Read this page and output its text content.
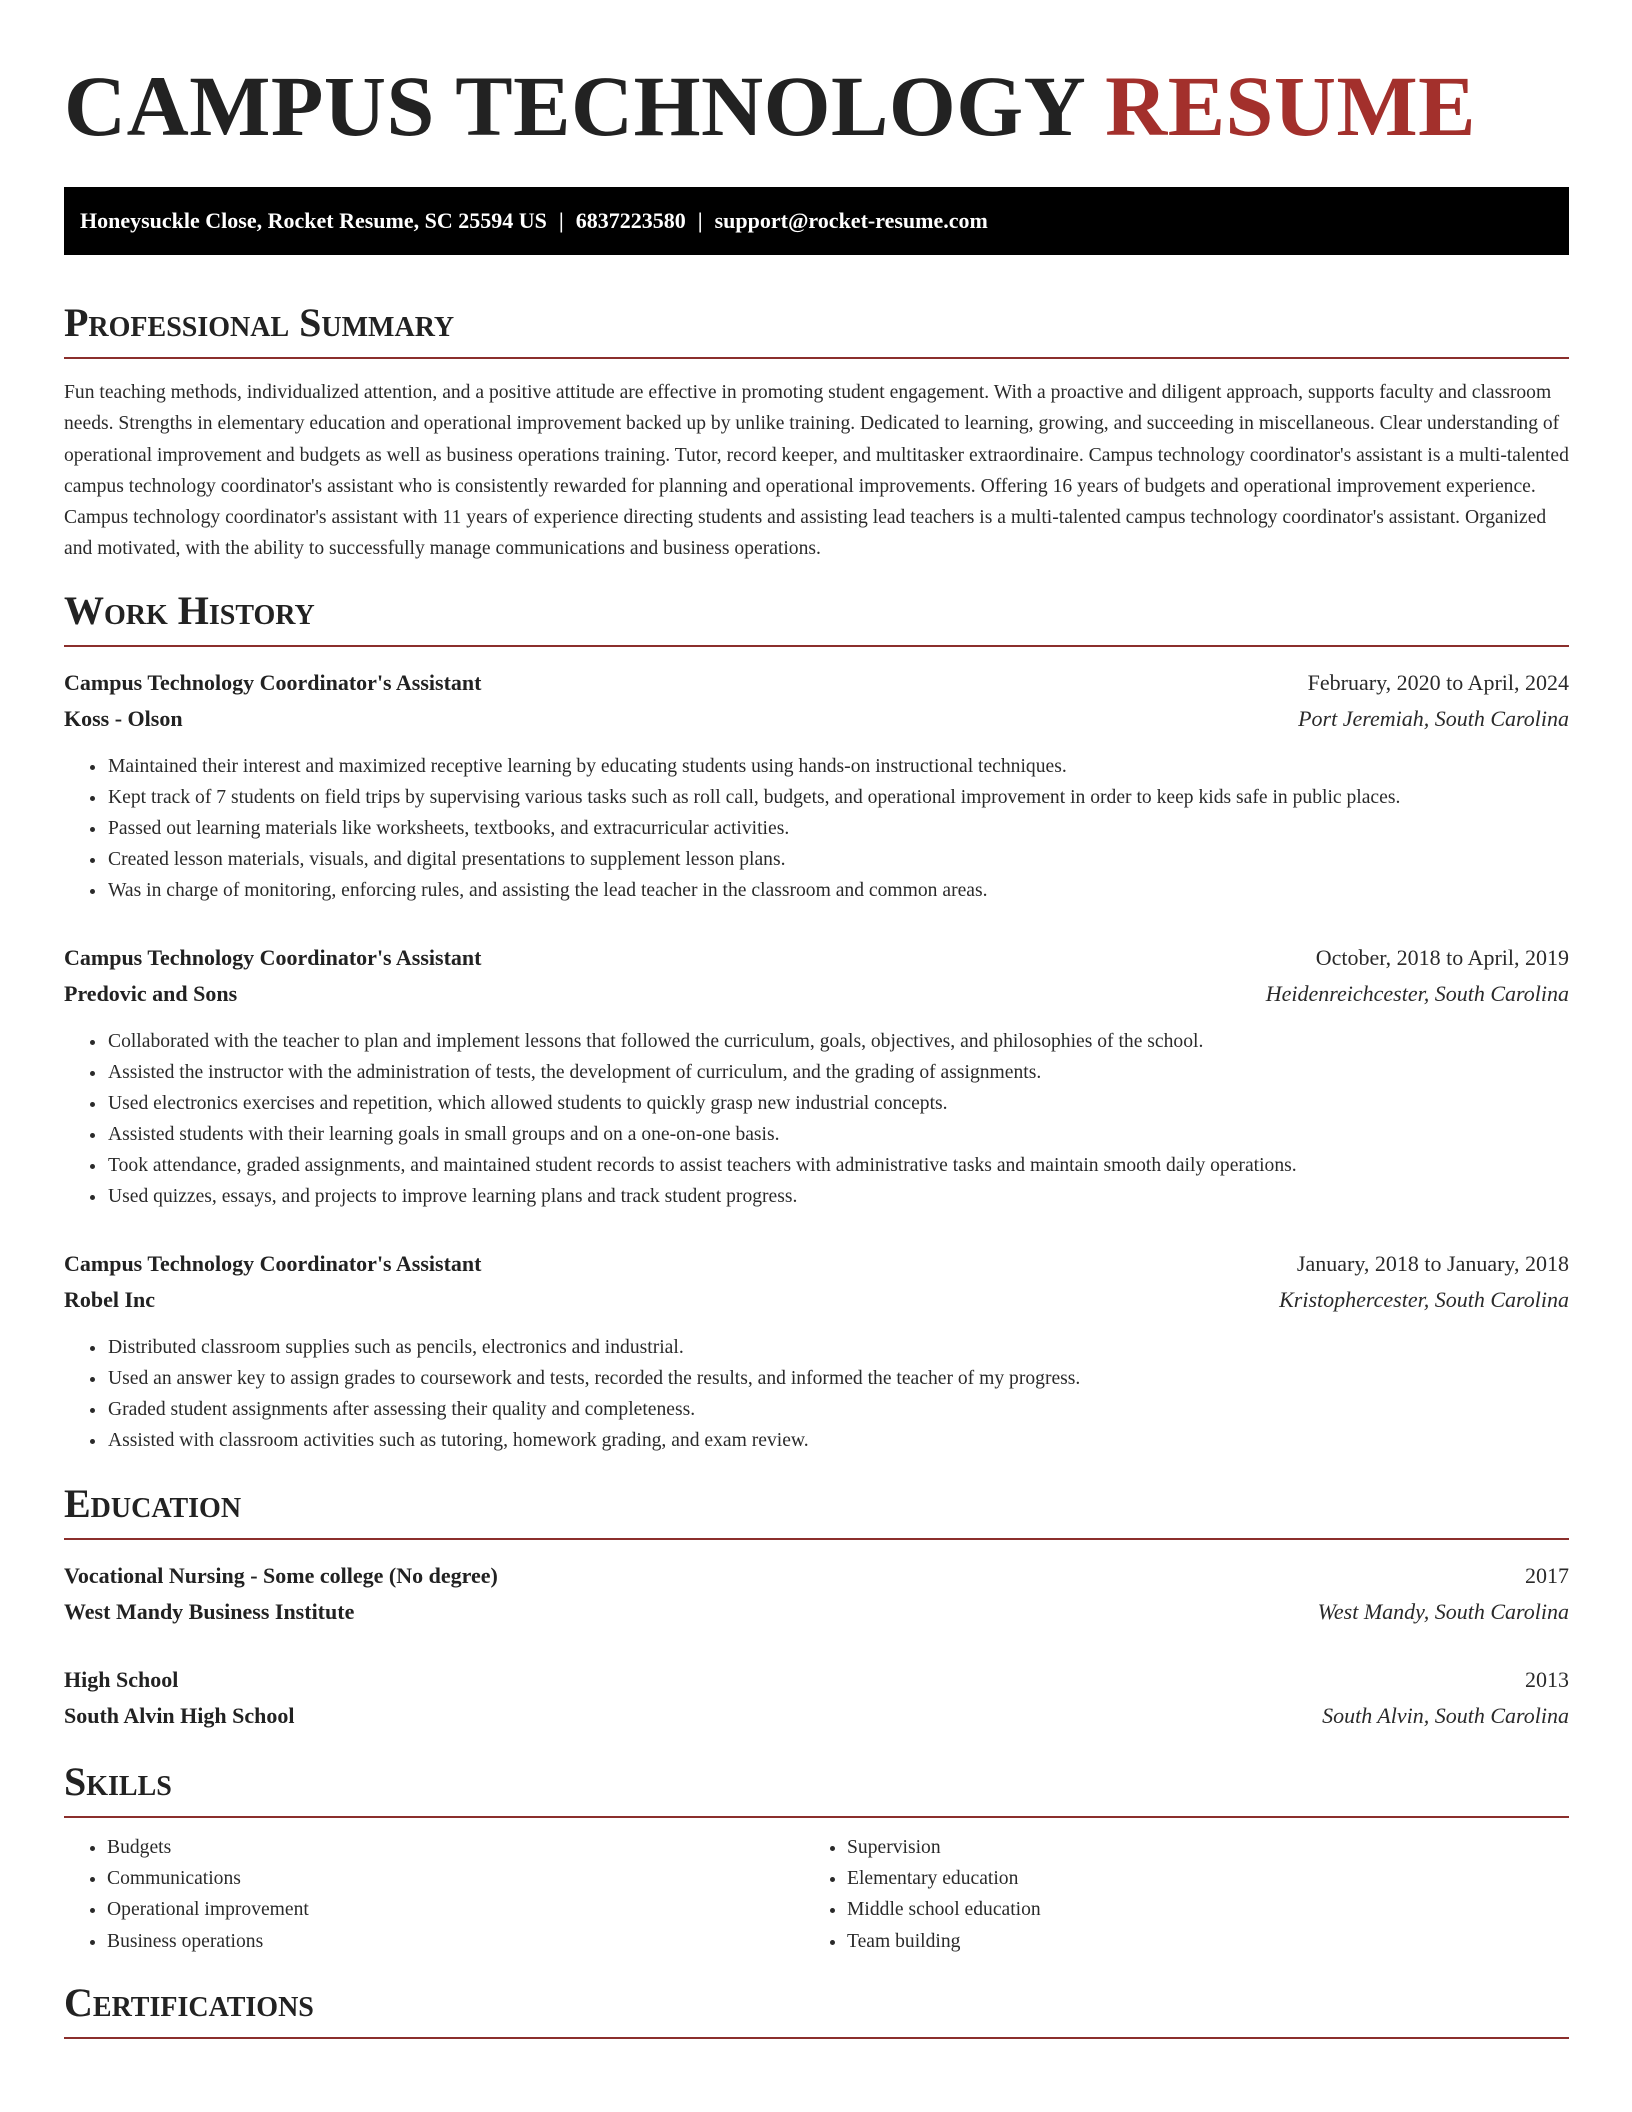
CAMPUS TECHNOLOGY RESUME
Honeysuckle Close, Rocket Resume, SC 25594 US | 6837223580 | support@rocket-resume.com
Professional Summary

Fun teaching methods, individualized attention, and a positive attitude are effective in promoting student engagement. With a proactive and diligent approach, supports faculty and classroom needs. Strengths in elementary education and operational improvement backed up by unlike training. Dedicated to learning, growing, and succeeding in miscellaneous. Clear understanding of operational improvement and budgets as well as business operations training. Tutor, record keeper, and multitasker extraordinaire. Campus technology coordinator's assistant is a multi-talented campus technology coordinator's assistant who is consistently rewarded for planning and operational improvements. Offering 16 years of budgets and operational improvement experience. Campus technology coordinator's assistant with 11 years of experience directing students and assisting lead teachers is a multi-talented campus technology coordinator's assistant. Organized and motivated, with the ability to successfully manage communications and business operations.

Work History
Campus Technology Coordinator's Assistant	February, 2020 to April, 2024
Koss - Olson	Port Jeremiah, South Carolina
• Maintained their interest and maximized receptive learning by educating students using hands-on instructional techniques.
• Kept track of 7 students on field trips by supervising various tasks such as roll call, budgets, and operational improvement in order to keep kids safe in public places.
• Passed out learning materials like worksheets, textbooks, and extracurricular activities.
• Created lesson materials, visuals, and digital presentations to supplement lesson plans.
• Was in charge of monitoring, enforcing rules, and assisting the lead teacher in the classroom and common areas.
Campus Technology Coordinator's Assistant	October, 2018 to April, 2019
Predovic and Sons	Heidenreichcester, South Carolina
• Collaborated with the teacher to plan and implement lessons that followed the curriculum, goals, objectives, and philosophies of the school.
• Assisted the instructor with the administration of tests, the development of curriculum, and the grading of assignments.
• Used electronics exercises and repetition, which allowed students to quickly grasp new industrial concepts.
• Assisted students with their learning goals in small groups and on a one-on-one basis.
• Took attendance, graded assignments, and maintained student records to assist teachers with administrative tasks and maintain smooth daily operations.
• Used quizzes, essays, and projects to improve learning plans and track student progress.
Campus Technology Coordinator's Assistant	January, 2018 to January, 2018
Robel Inc	Kristophercester, South Carolina
• Distributed classroom supplies such as pencils, electronics and industrial.
• Used an answer key to assign grades to coursework and tests, recorded the results, and informed the teacher of my progress.
• Graded student assignments after assessing their quality and completeness.
• Assisted with classroom activities such as tutoring, homework grading, and exam review.
Education
Vocational Nursing - Some college (No degree)	2017
West Mandy Business Institute	West Mandy, South Carolina
High School	2013
South Alvin High School	South Alvin, South Carolina
Skills
• Budgets
• Communications
• Operational improvement
• Business operations
• Supervision
• Elementary education
• Middle school education
• Team building
Certifications
